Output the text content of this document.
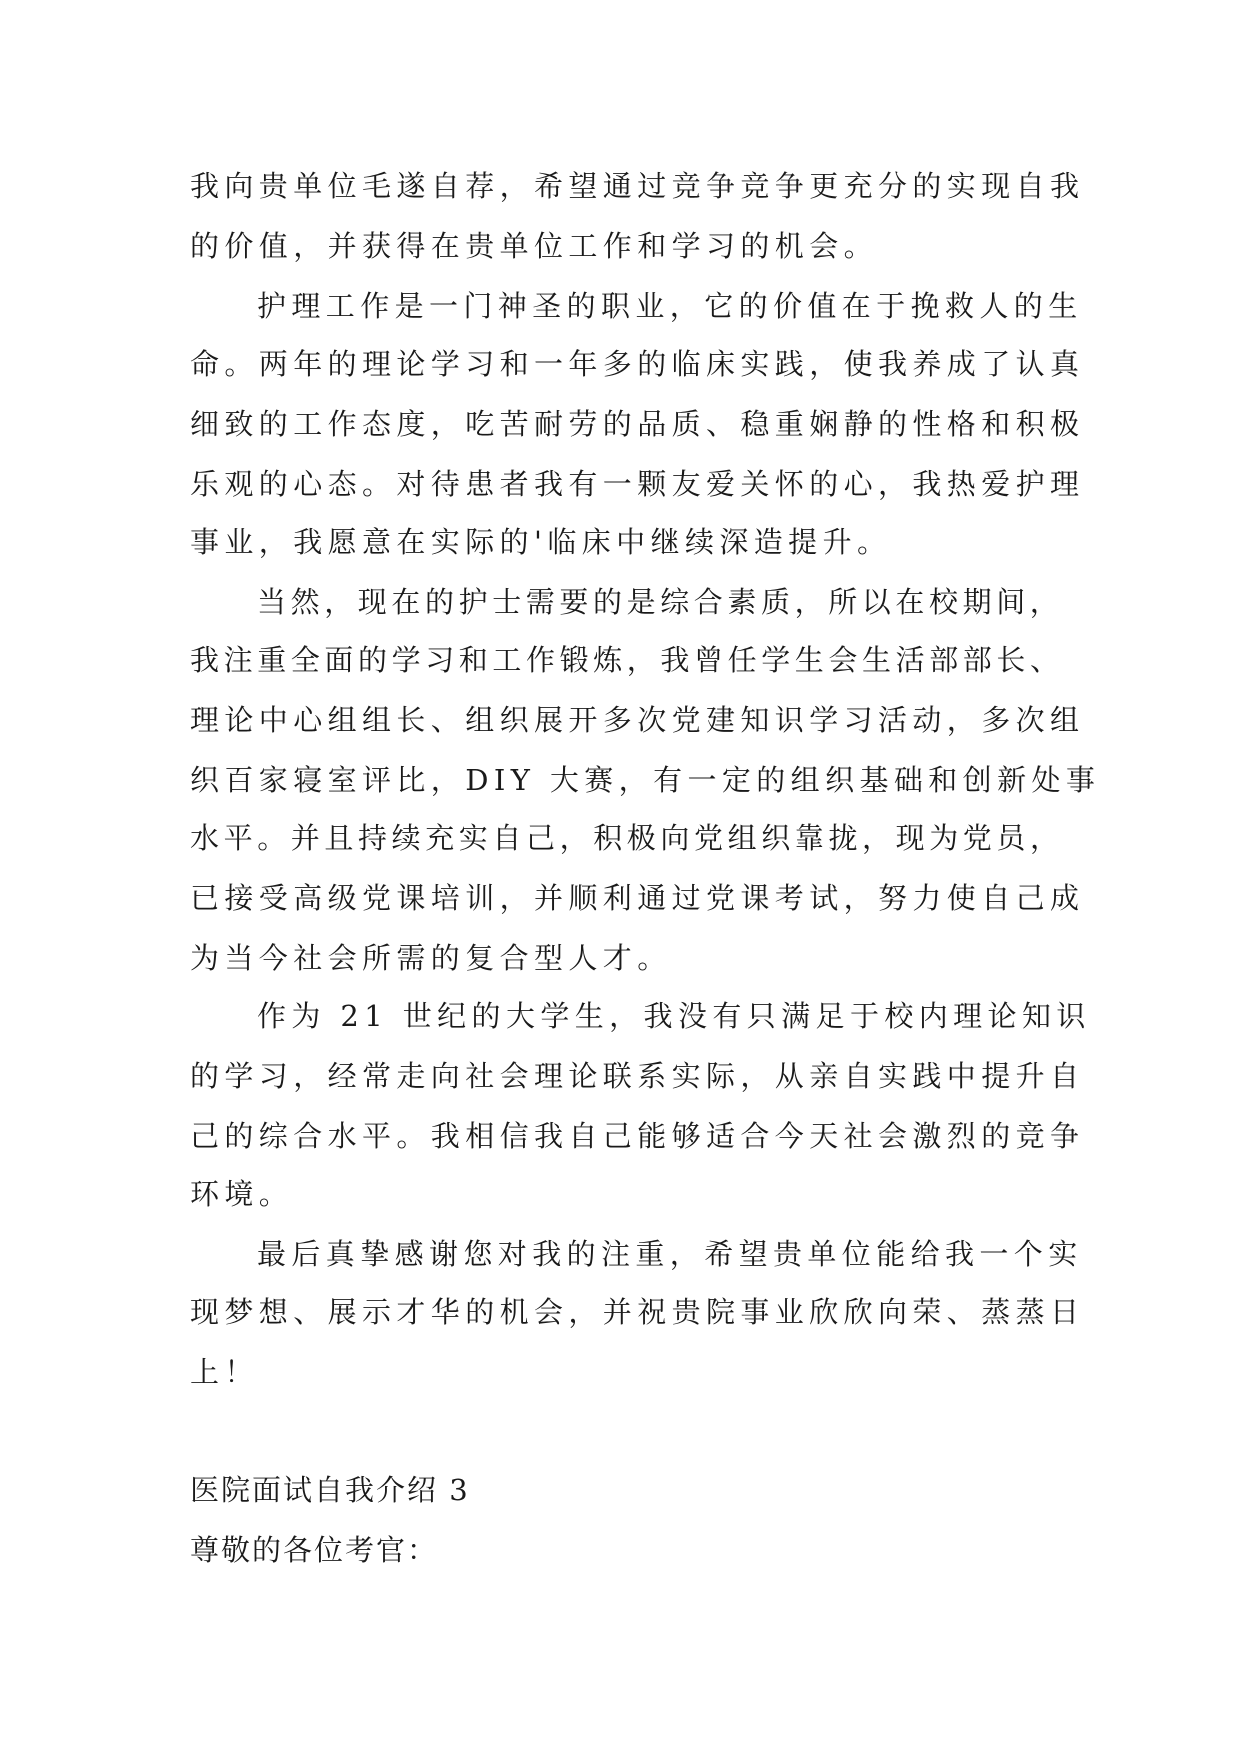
我向贵单位毛遂自荐，希望通过竞争竞争更充分的实现自我
的价值，并获得在贵单位工作和学习的机会。
护理工作是一门神圣的职业，它的价值在于挽救人的生
命。两年的理论学习和一年多的临床实践，使我养成了认真
细致的工作态度，吃苦耐劳的品质、稳重娴静的性格和积极
乐观的心态。对待患者我有一颗友爱关怀的心，我热爱护理
事业，我愿意在实际的'临床中继续深造提升。
当然，现在的护士需要的是综合素质，所以在校期间，
我注重全面的学习和工作锻炼，我曾任学生会生活部部长、
理论中心组组长、组织展开多次党建知识学习活动，多次组
织百家寝室评比，DIY 大赛，有一定的组织基础和创新处事
水平。并且持续充实自己，积极向党组织靠拢，现为党员，
已接受高级党课培训，并顺利通过党课考试，努力使自己成
为当今社会所需的复合型人才。
作为 21 世纪的大学生，我没有只满足于校内理论知识
的学习，经常走向社会理论联系实际，从亲自实践中提升自
己的综合水平。我相信我自己能够适合今天社会激烈的竞争
环境。
最后真挚感谢您对我的注重，希望贵单位能给我一个实
现梦想、展示才华的机会，并祝贵院事业欣欣向荣、蒸蒸日
上！
医院面试自我介绍 3
尊敬的各位考官：
